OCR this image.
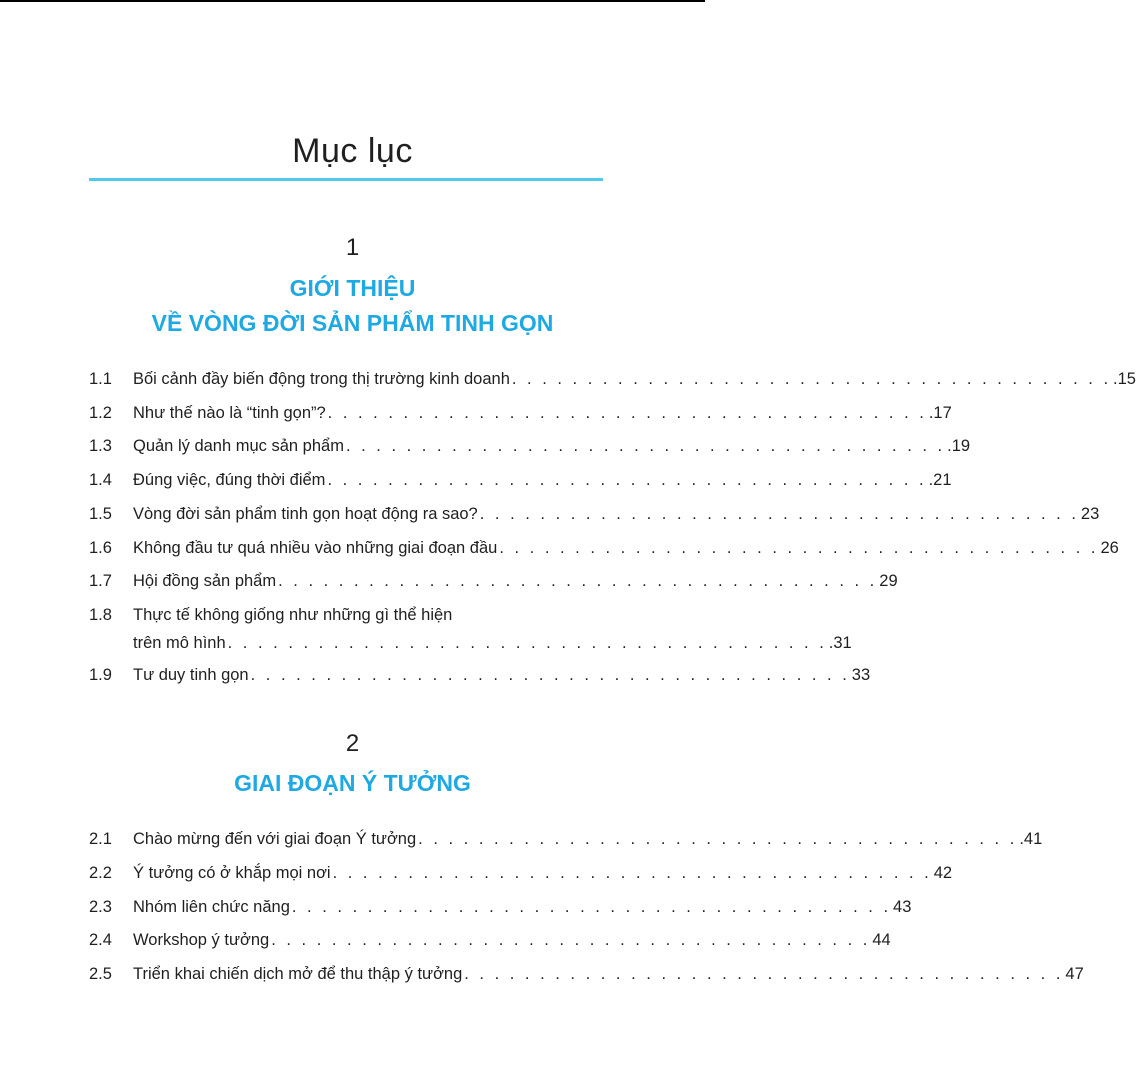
Mục lục
1
GIỚI THIỆU
VỀ VÒNG ĐỜI SẢN PHẨM TINH GỌN
1.1 Bối cảnh đầy biến động trong thị trường kinh doanh . . . . . . . . . . . . . . . . . . . . . . . . . . . . . . . . . . . . . . . . .15
1.2 Như thế nào là “tinh gọn”? . . . . . . . . . . . . . . . . . . . . . . . . . . . . . . . . . . . . . . . . .17
1.3 Quản lý danh mục sản phẩm . . . . . . . . . . . . . . . . . . . . . . . . . . . . . . . . . . . . . . . . .19
1.4 Đúng việc, đúng thời điểm . . . . . . . . . . . . . . . . . . . . . . . . . . . . . . . . . . . . . . . . .21
1.5 Vòng đời sản phẩm tinh gọn hoạt động ra sao? . . . . . . . . . . . . . . . . . . . . . . . . . . . . . . . . . . . . . . . . 23
1.6 Không đầu tư quá nhiều vào những giai đoạn đầu . . . . . . . . . . . . . . . . . . . . . . . . . . . . . . . . . . . . . . . . 26
1.7 Hội đồng sản phẩm . . . . . . . . . . . . . . . . . . . . . . . . . . . . . . . . . . . . . . . . 29
1.8 Thực tế không giống như những gì thể hiện
trên mô hình . . . . . . . . . . . . . . . . . . . . . . . . . . . . . . . . . . . . . . . . .31
1.9 Tư duy tinh gọn . . . . . . . . . . . . . . . . . . . . . . . . . . . . . . . . . . . . . . . . 33
2
GIAI ĐOẠN Ý TƯỞNG
2.1 Chào mừng đến với giai đoạn Ý tưởng . . . . . . . . . . . . . . . . . . . . . . . . . . . . . . . . . . . . . . . . .41
2.2 Ý tưởng có ở khắp mọi nơi . . . . . . . . . . . . . . . . . . . . . . . . . . . . . . . . . . . . . . . . 42
2.3 Nhóm liên chức năng . . . . . . . . . . . . . . . . . . . . . . . . . . . . . . . . . . . . . . . . 43
2.4 Workshop ý tưởng . . . . . . . . . . . . . . . . . . . . . . . . . . . . . . . . . . . . . . . . 44
2.5 Triển khai chiến dịch mở để thu thập ý tưởng . . . . . . . . . . . . . . . . . . . . . . . . . . . . . . . . . . . . . . . . 47
